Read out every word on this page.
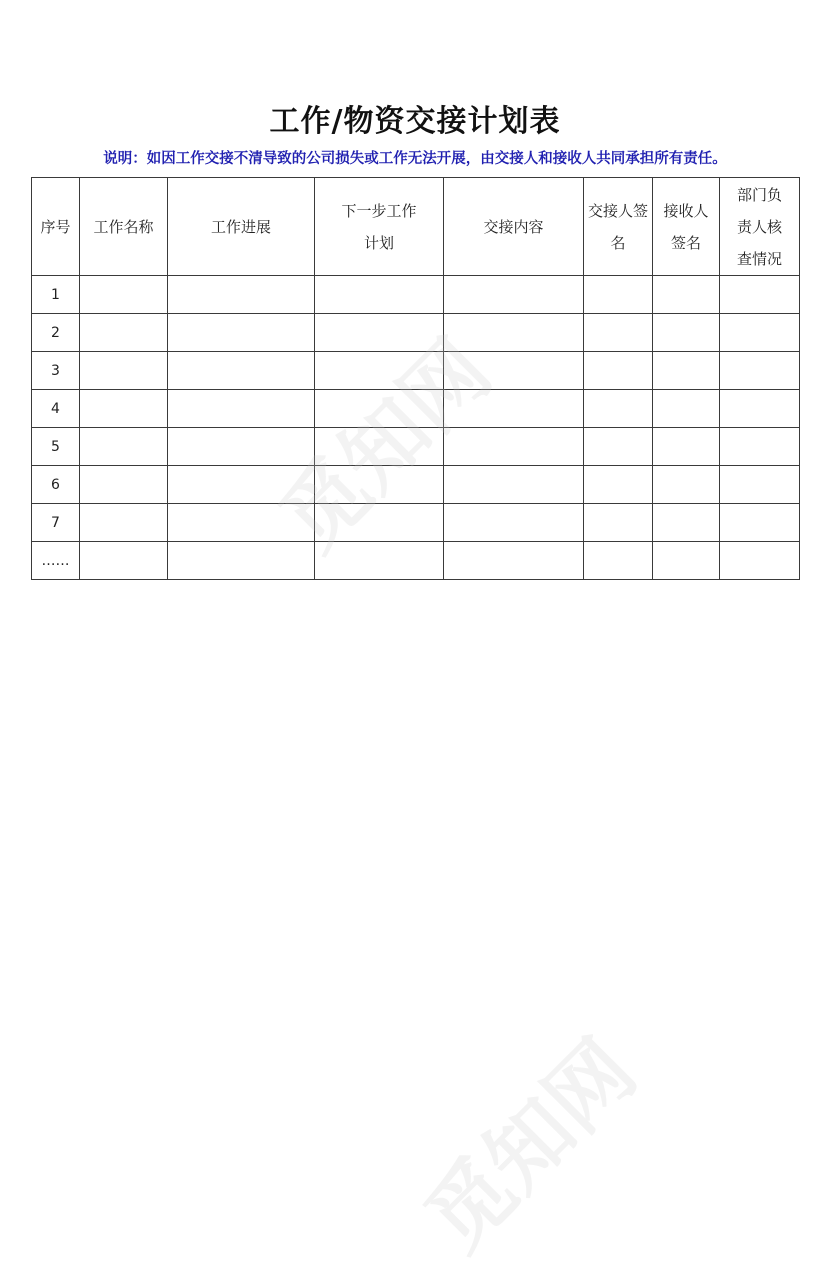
工作/物资交接计划表
说明：如因工作交接不清导致的公司损失或工作无法开展，由交接人和接收人共同承担所有责任。
序号	工作名称	工作进展	下一步工作计划	交接内容	交接人签名	接收人签名	部门负责人核查情况
1							
2							
3							
4							
5							
6							
7							
……							觅知网
觅知网
